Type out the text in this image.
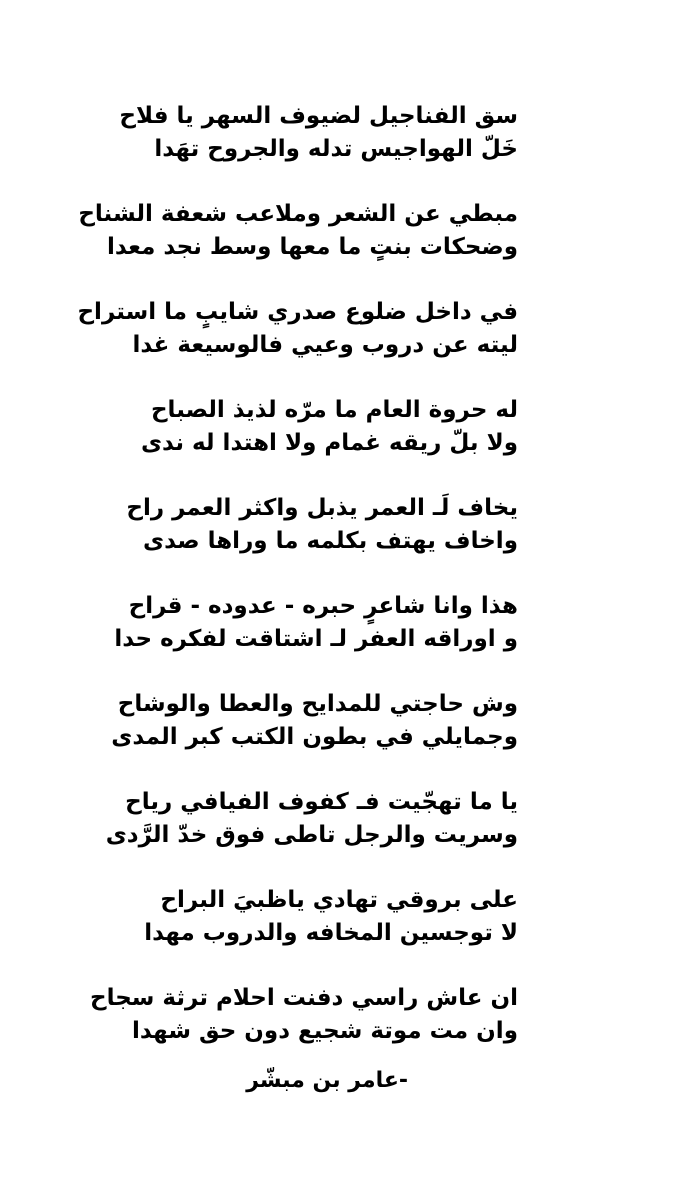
سق الفناجيل لضيوف السهر يا فلاح
خَلّ الهواجيس تدله والجروح تهَدا
مبطي عن الشعر وملاعب شعفة الشناح
وضحكات بنتٍ ما معها وسط نجد معدا
في داخل ضلوع صدري شايبٍ ما استراح
ليته عن دروب وعيي فالوسيعة غدا
له حروة العام ما مرّه لذيذ الصباح
ولا بلّ ريقه غمام ولا اهتدا له ندى
يخاف لَـ العمر يذبل واكثر العمر راح
واخاف يهتف بكلمه ما وراها صدى
هذا وانا شاعرٍ حبره - عدوده - قراح
و اوراقه العفر لـ اشتاقت لفكره حدا
وش حاجتي للمدايح والعطا والوشاح
وجمايلي في بطون الكتب كبر المدى
يا ما تهجّيت فـ كفوف الفيافي رياح
وسريت والرجل تاطى فوق خدّ الرَّدى
على بروقي تهادي ياظبيَ البراح
لا توجسين المخافه والدروب مهدا
ان عاش راسي دفنت احلام ترثة سجاح
وان مت موتة شجيع دون حق شهدا
-عامر بن مبشّر
